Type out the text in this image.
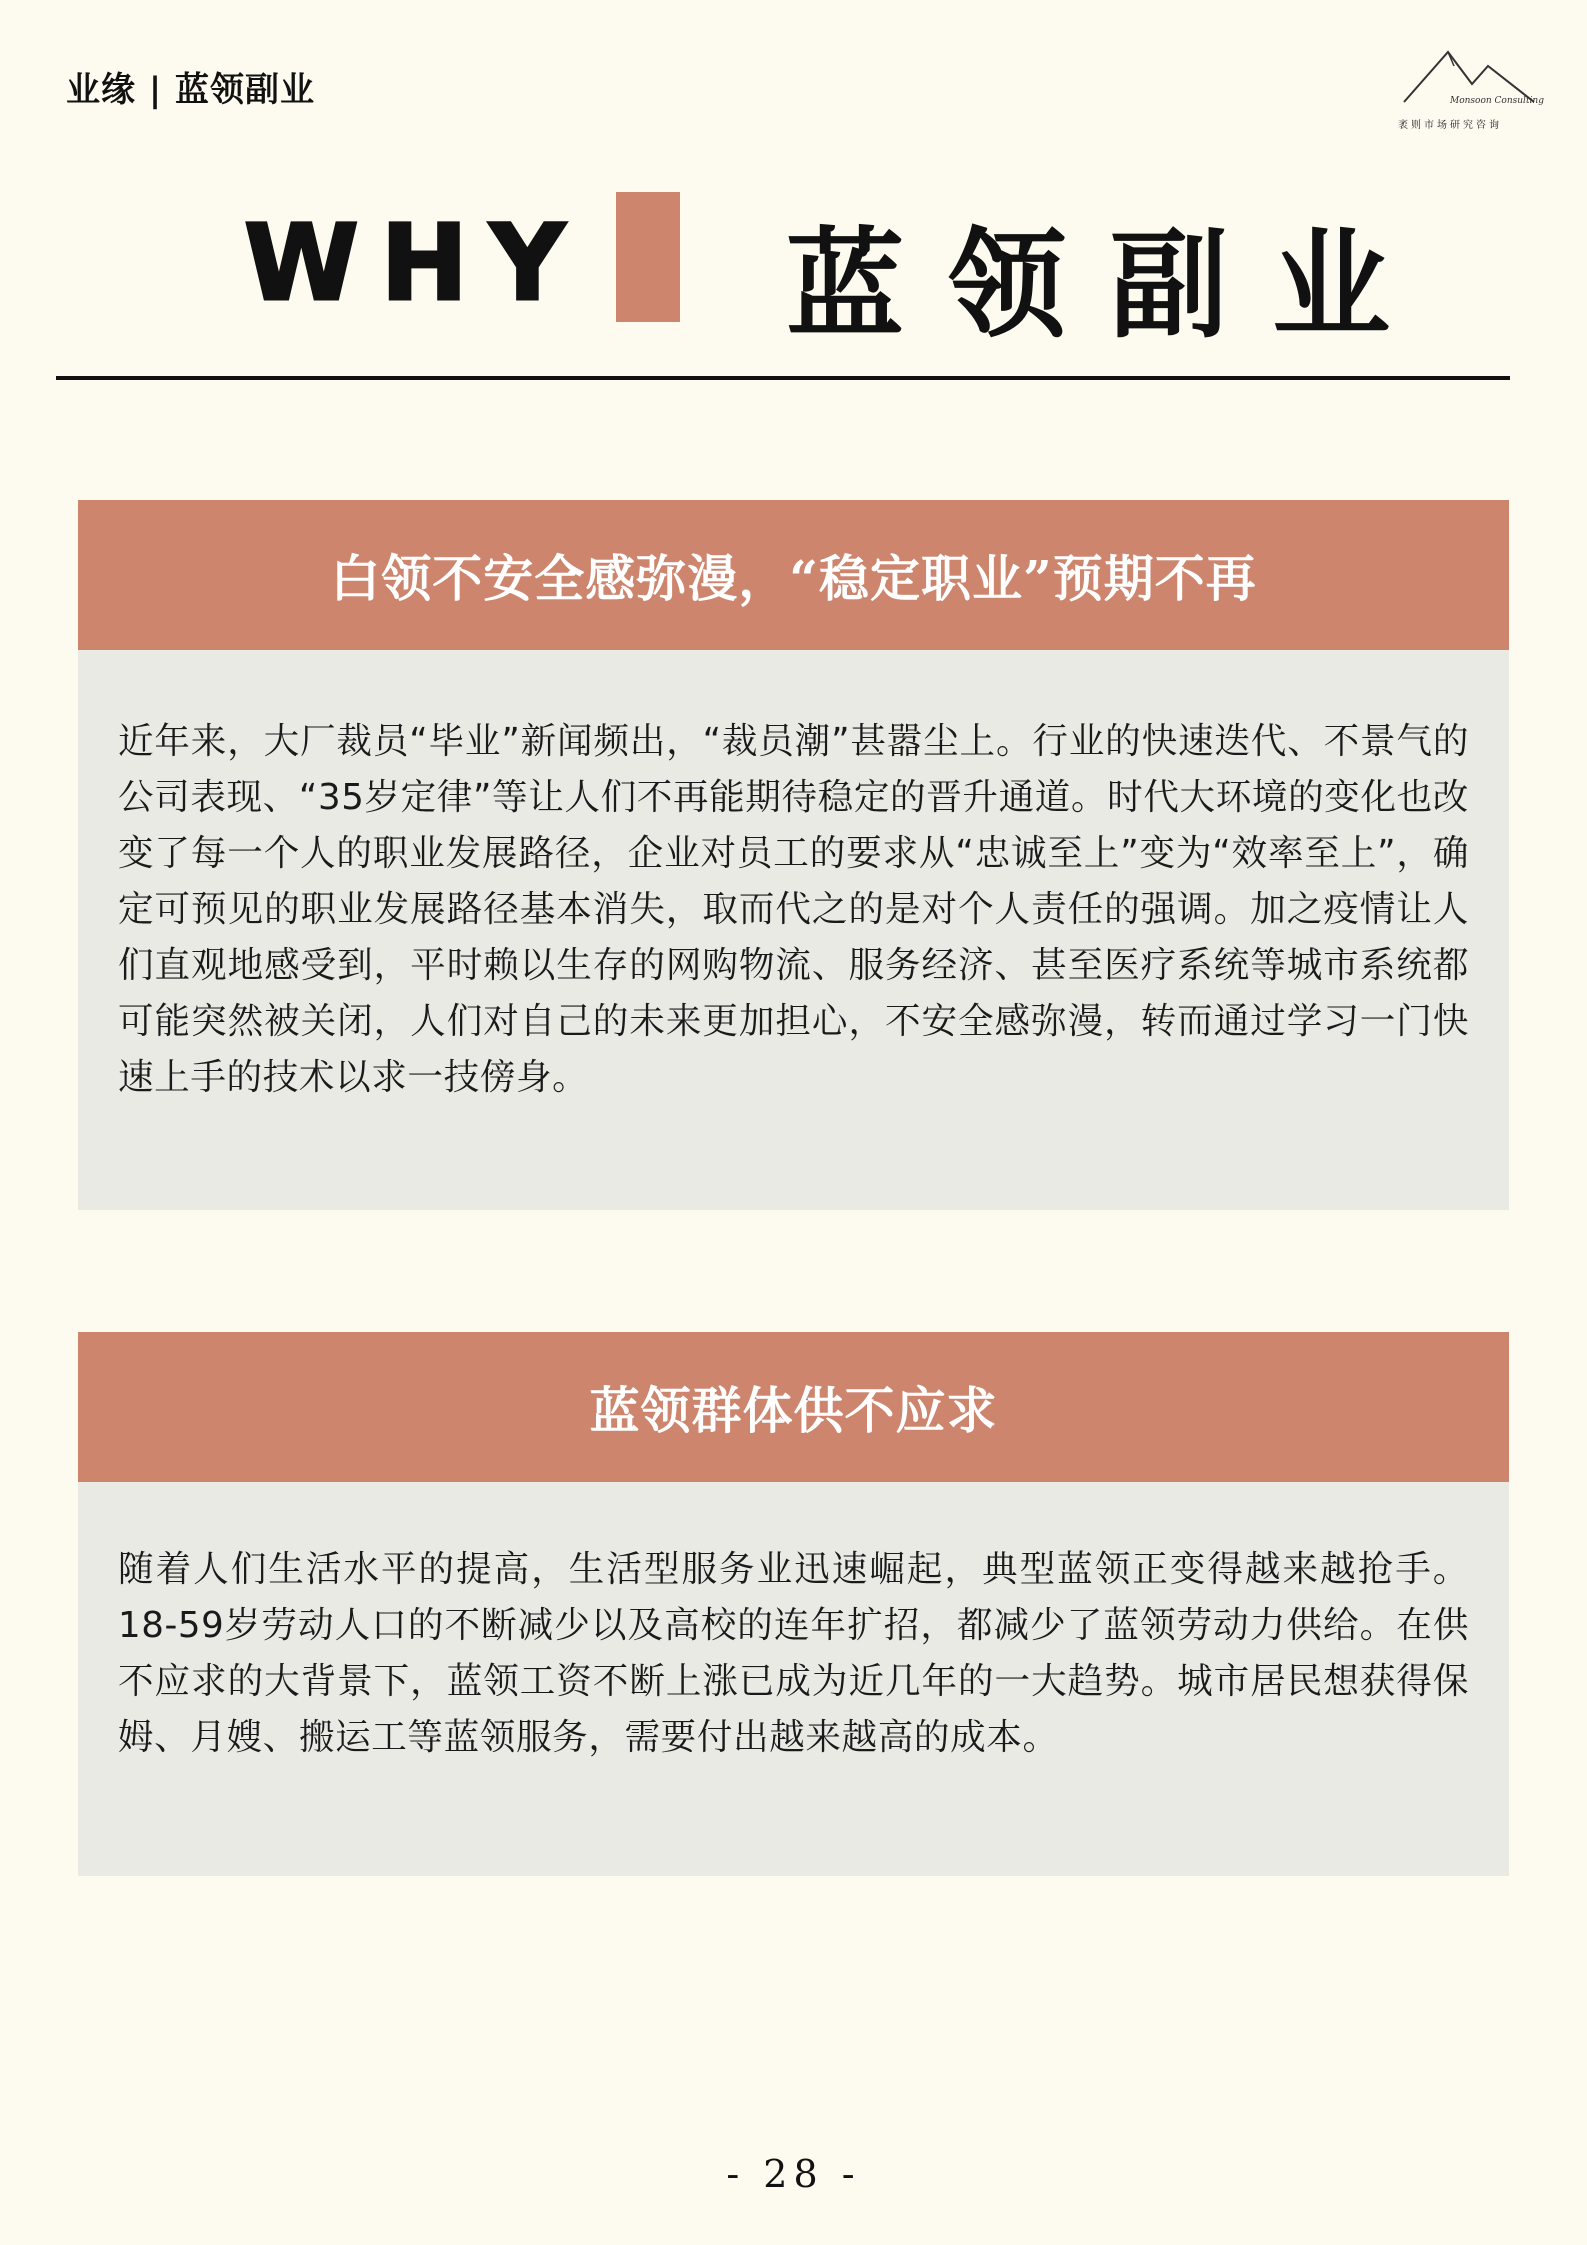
业缘 | 蓝领副业	Monsoon Consulting
袤则市场研究咨询
WHY 蓝领副业
白领不安全感弥漫，“稳定职业”预期不再
近年来，大厂裁员“毕业”新闻频出，“裁员潮”甚嚣尘上。行业的快速迭代、不景气的公司表现、“35岁定律”等让人们不再能期待稳定的晋升通道。时代大环境的变化也改变了每一个人的职业发展路径，企业对员工的要求从“忠诚至上”变为“效率至上”，确定可预见的职业发展路径基本消失，取而代之的是对个人责任的强调。加之疫情让人们直观地感受到，平时赖以生存的网购物流、服务经济、甚至医疗系统等城市系统都可能突然被关闭，人们对自己的未来更加担心，不安全感弥漫，转而通过学习一门快速上手的技术以求一技傍身。
蓝领群体供不应求
随着人们生活水平的提高，生活型服务业迅速崛起，典型蓝领正变得越来越抢手。18-59岁劳动人口的不断减少以及高校的连年扩招，都减少了蓝领劳动力供给。在供不应求的大背景下，蓝领工资不断上涨已成为近几年的一大趋势。城市居民想获得保姆、月嫂、搬运工等蓝领服务，需要付出越来越高的成本。
- 28 -
